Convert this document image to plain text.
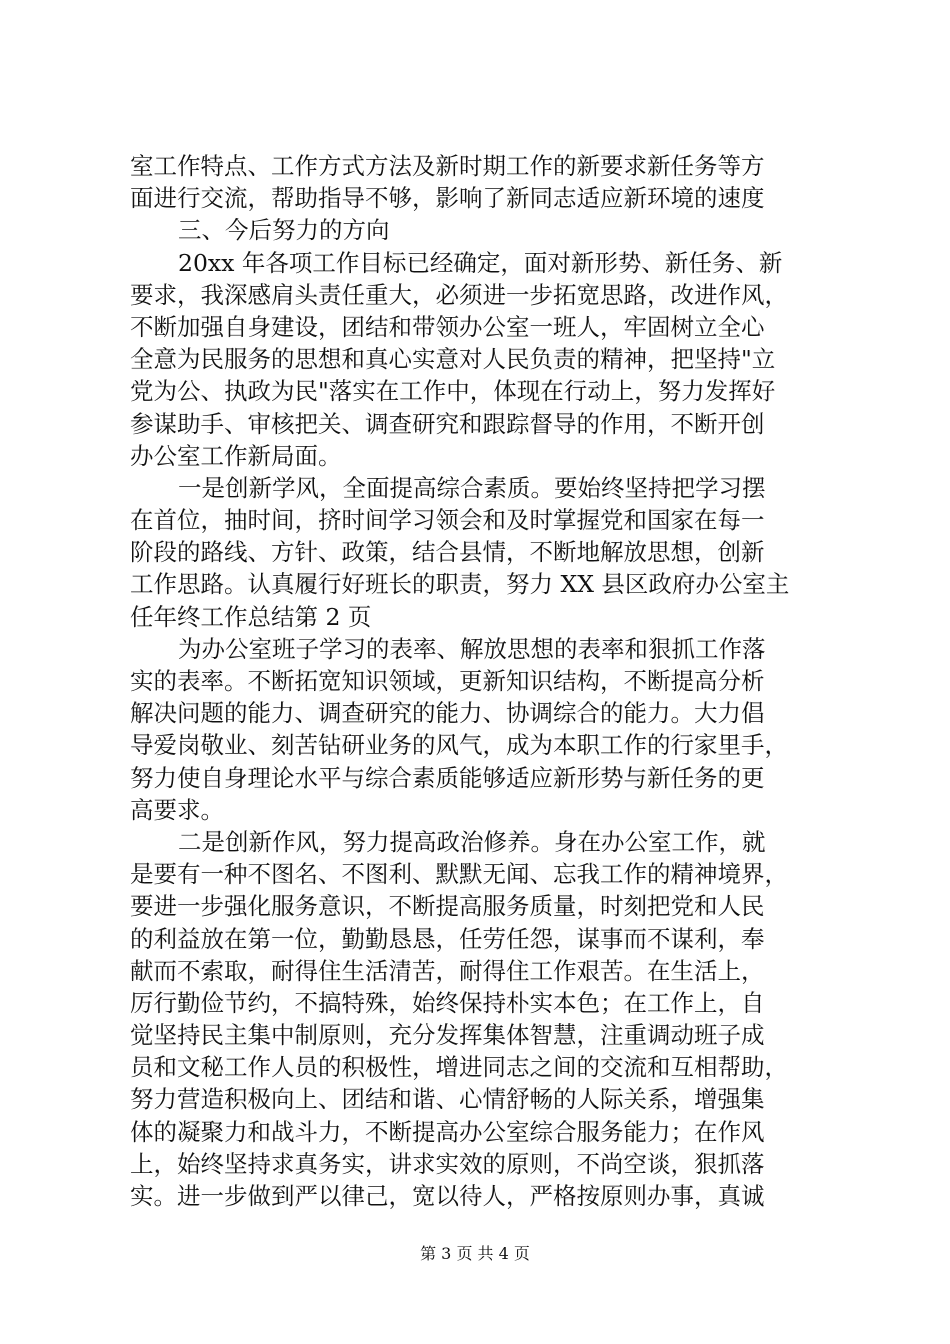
室工作特点、工作方式方法及新时期工作的新要求新任务等方
面进行交流，帮助指导不够，影响了新同志适应新环境的速度
三、今后努力的方向
20xx 年各项工作目标已经确定，面对新形势、新任务、新
要求，我深感肩头责任重大，必须进一步拓宽思路，改进作风，
不断加强自身建设，团结和带领办公室一班人，牢固树立全心
全意为民服务的思想和真心实意对人民负责的精神，把坚持"立
党为公、执政为民"落实在工作中，体现在行动上，努力发挥好
参谋助手、审核把关、调查研究和跟踪督导的作用，不断开创
办公室工作新局面。
一是创新学风，全面提高综合素质。要始终坚持把学习摆
在首位，抽时间，挤时间学习领会和及时掌握党和国家在每一
阶段的路线、方针、政策，结合县情，不断地解放思想，创新
工作思路。认真履行好班长的职责，努力 XX 县区政府办公室主
任年终工作总结第 2 页
为办公室班子学习的表率、解放思想的表率和狠抓工作落
实的表率。不断拓宽知识领域，更新知识结构，不断提高分析
解决问题的能力、调查研究的能力、协调综合的能力。大力倡
导爱岗敬业、刻苦钻研业务的风气，成为本职工作的行家里手，
努力使自身理论水平与综合素质能够适应新形势与新任务的更
高要求。
二是创新作风，努力提高政治修养。身在办公室工作，就
是要有一种不图名、不图利、默默无闻、忘我工作的精神境界，
要进一步强化服务意识，不断提高服务质量，时刻把党和人民
的利益放在第一位，勤勤恳恳，任劳任怨，谋事而不谋利，奉
献而不索取，耐得住生活清苦，耐得住工作艰苦。在生活上，
厉行勤俭节约，不搞特殊，始终保持朴实本色；在工作上，自
觉坚持民主集中制原则，充分发挥集体智慧，注重调动班子成
员和文秘工作人员的积极性，增进同志之间的交流和互相帮助，
努力营造积极向上、团结和谐、心情舒畅的人际关系，增强集
体的凝聚力和战斗力，不断提高办公室综合服务能力；在作风
上，始终坚持求真务实，讲求实效的原则，不尚空谈，狠抓落
实。进一步做到严以律己，宽以待人，严格按原则办事，真诚
第 3 页 共 4 页
